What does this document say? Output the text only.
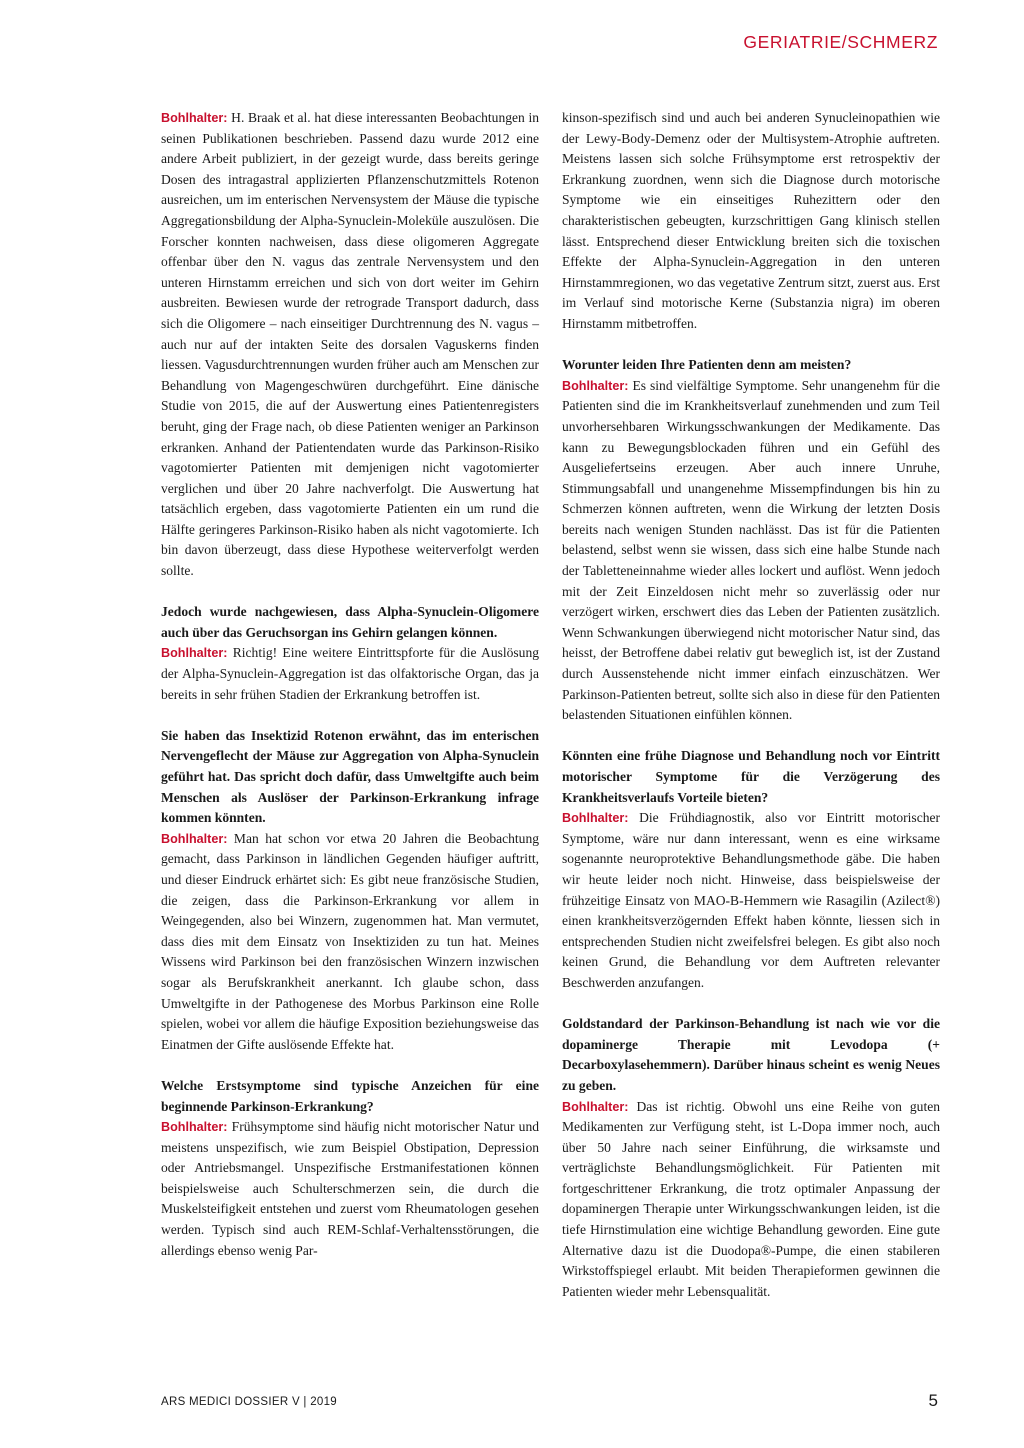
GERIATRIE/SCHMERZ

Bohlhalter: H. Braak et al. hat diese interessanten Beobachtungen in seinen Publikationen beschrieben. Passend dazu wurde 2012 eine andere Arbeit publiziert, in der gezeigt wurde, dass bereits geringe Dosen des intragastral applizierten Pflanzenschutzmittels Rotenon ausreichen, um im enterischen Nervensystem der Mäuse die typische Aggregationsbildung der Alpha-Synuclein-Moleküle auszulösen. Die Forscher konnten nachweisen, dass diese oligomeren Aggregate offenbar über den N. vagus das zentrale Nervensystem und den unteren Hirnstamm erreichen und sich von dort weiter im Gehirn ausbreiten. Bewiesen wurde der retrograde Transport dadurch, dass sich die Oligomere – nach einseitiger Durchtrennung des N. vagus – auch nur auf der intakten Seite des dorsalen Vaguskerns finden liessen. Vagusdurchtrennungen wurden früher auch am Menschen zur Behandlung von Magengeschwüren durchgeführt. Eine dänische Studie von 2015, die auf der Auswertung eines Patientenregisters beruht, ging der Frage nach, ob diese Patienten weniger an Parkinson erkranken. Anhand der Patientendaten wurde das Parkinson-Risiko vagotomierter Patienten mit demjenigen nicht vagotomierter verglichen und über 20 Jahre nachverfolgt. Die Auswertung hat tatsächlich ergeben, dass vagotomierte Patienten ein um rund die Hälfte geringeres Parkinson-Risiko haben als nicht vagotomierte. Ich bin davon überzeugt, dass diese Hypothese weiterverfolgt werden sollte.

Jedoch wurde nachgewiesen, dass Alpha-Synuclein-Oligomere auch über das Geruchsorgan ins Gehirn gelangen können.

Bohlhalter: Richtig! Eine weitere Eintrittspforte für die Auslösung der Alpha-Synuclein-Aggregation ist das olfaktorische Organ, das ja bereits in sehr frühen Stadien der Erkrankung betroffen ist.

Sie haben das Insektizid Rotenon erwähnt, das im enterischen Nervengeflecht der Mäuse zur Aggregation von Alpha-Synuclein geführt hat. Das spricht doch dafür, dass Umweltgifte auch beim Menschen als Auslöser der Parkinson-Erkrankung infrage kommen könnten.

Bohlhalter: Man hat schon vor etwa 20 Jahren die Beobachtung gemacht, dass Parkinson in ländlichen Gegenden häufiger auftritt, und dieser Eindruck erhärtet sich: Es gibt neue französische Studien, die zeigen, dass die Parkinson-Erkrankung vor allem in Weingegenden, also bei Winzern, zugenommen hat. Man vermutet, dass dies mit dem Einsatz von Insektiziden zu tun hat. Meines Wissens wird Parkinson bei den französischen Winzern inzwischen sogar als Berufskrankheit anerkannt. Ich glaube schon, dass Umweltgifte in der Pathogenese des Morbus Parkinson eine Rolle spielen, wobei vor allem die häufige Exposition beziehungsweise das Einatmen der Gifte auslösende Effekte hat.

Welche Erstsymptome sind typische Anzeichen für eine beginnende Parkinson-Erkrankung?

Bohlhalter: Frühsymptome sind häufig nicht motorischer Natur und meistens unspezifisch, wie zum Beispiel Obstipation, Depression oder Antriebsmangel. Unspezifische Erstmanifestationen können beispielsweise auch Schulterschmerzen sein, die durch die Muskelsteifigkeit entstehen und zuerst vom Rheumatologen gesehen werden. Typisch sind auch REM-Schlaf-Verhaltensstörungen, die allerdings ebenso wenig Par-

kinson-spezifisch sind und auch bei anderen Synucleinopathien wie der Lewy-Body-Demenz oder der Multisystem-Atrophie auftreten. Meistens lassen sich solche Frühsymptome erst retrospektiv der Erkrankung zuordnen, wenn sich die Diagnose durch motorische Symptome wie ein einseitiges Ruhezittern oder den charakteristischen gebeugten, kurzschrittigen Gang klinisch stellen lässt. Entsprechend dieser Entwicklung breiten sich die toxischen Effekte der Alpha-Synuclein-Aggregation in den unteren Hirnstammregionen, wo das vegetative Zentrum sitzt, zuerst aus. Erst im Verlauf sind motorische Kerne (Substanzia nigra) im oberen Hirnstamm mitbetroffen.

Worunter leiden Ihre Patienten denn am meisten?

Bohlhalter: Es sind vielfältige Symptome. Sehr unangenehm für die Patienten sind die im Krankheitsverlauf zunehmenden und zum Teil unvorhersehbaren Wirkungsschwankungen der Medikamente. Das kann zu Bewegungsblockaden führen und ein Gefühl des Ausgeliefertseins erzeugen. Aber auch innere Unruhe, Stimmungsabfall und unangenehme Missempfindungen bis hin zu Schmerzen können auftreten, wenn die Wirkung der letzten Dosis bereits nach wenigen Stunden nachlässt. Das ist für die Patienten belastend, selbst wenn sie wissen, dass sich eine halbe Stunde nach der Tabletteneinnahme wieder alles lockert und auflöst. Wenn jedoch mit der Zeit Einzeldosen nicht mehr so zuverlässig oder nur verzögert wirken, erschwert dies das Leben der Patienten zusätzlich. Wenn Schwankungen überwiegend nicht motorischer Natur sind, das heisst, der Betroffene dabei relativ gut beweglich ist, ist der Zustand durch Aussenstehende nicht immer einfach einzuschätzen. Wer Parkinson-Patienten betreut, sollte sich also in diese für den Patienten belastenden Situationen einfühlen können.

Könnten eine frühe Diagnose und Behandlung noch vor Eintritt motorischer Symptome für die Verzögerung des Krankheitsverlaufs Vorteile bieten?

Bohlhalter: Die Frühdiagnostik, also vor Eintritt motorischer Symptome, wäre nur dann interessant, wenn es eine wirksame sogenannte neuroprotektive Behandlungsmethode gäbe. Die haben wir heute leider noch nicht. Hinweise, dass beispielsweise der frühzeitige Einsatz von MAO-B-Hemmern wie Rasagilin (Azilect®) einen krankheitsverzögernden Effekt haben könnte, liessen sich in entsprechenden Studien nicht zweifelsfrei belegen. Es gibt also noch keinen Grund, die Behandlung vor dem Auftreten relevanter Beschwerden anzufangen.

Goldstandard der Parkinson-Behandlung ist nach wie vor die dopaminerge Therapie mit Levodopa (+ Decarboxylasehemmern). Darüber hinaus scheint es wenig Neues zu geben.

Bohlhalter: Das ist richtig. Obwohl uns eine Reihe von guten Medikamenten zur Verfügung steht, ist L-Dopa immer noch, auch über 50 Jahre nach seiner Einführung, die wirksamste und verträglichste Behandlungsmöglichkeit. Für Patienten mit fortgeschrittener Erkrankung, die trotz optimaler Anpassung der dopaminergen Therapie unter Wirkungsschwankungen leiden, ist die tiefe Hirnstimulation eine wichtige Behandlung geworden. Eine gute Alternative dazu ist die Duodopa®-Pumpe, die einen stabileren Wirkstoffspiegel erlaubt. Mit beiden Therapieformen gewinnen die Patienten wieder mehr Lebensqualität.

ARS MEDICI DOSSIER V | 2019	5
